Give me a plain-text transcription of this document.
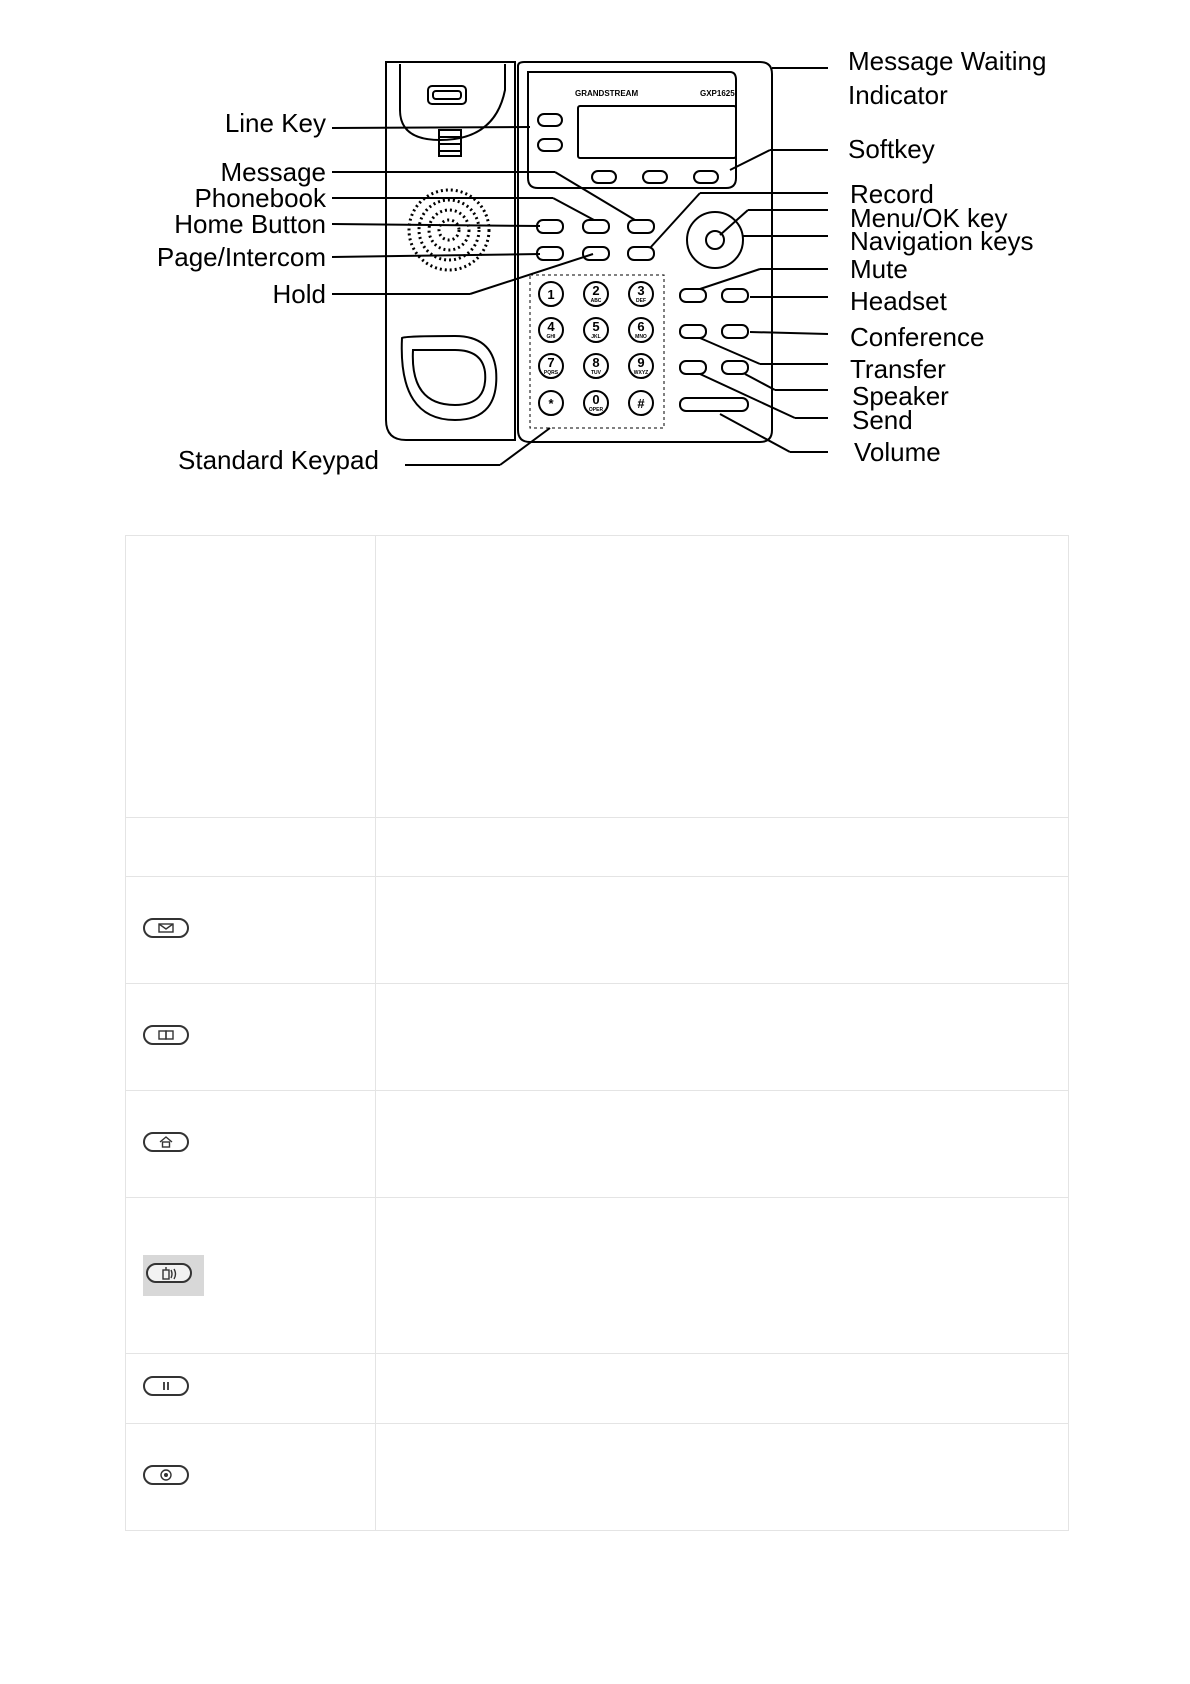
GRANDSTREAM	GXP1625
1	2
ABC
3
DEF
4
GHI
5
JKL
6
MNO
7
PQRS
8
TUV
9
WXYZ
*	0
OPER	#
Line Key
Message
Phonebook
Home Button
Page/Intercom
Hold
Standard Keypad
Message Waiting
Indicator
Softkey
Record
Menu/OK key
Navigation keys
Mute
Headset
Conference
Transfer
Speaker
Send
Volume
